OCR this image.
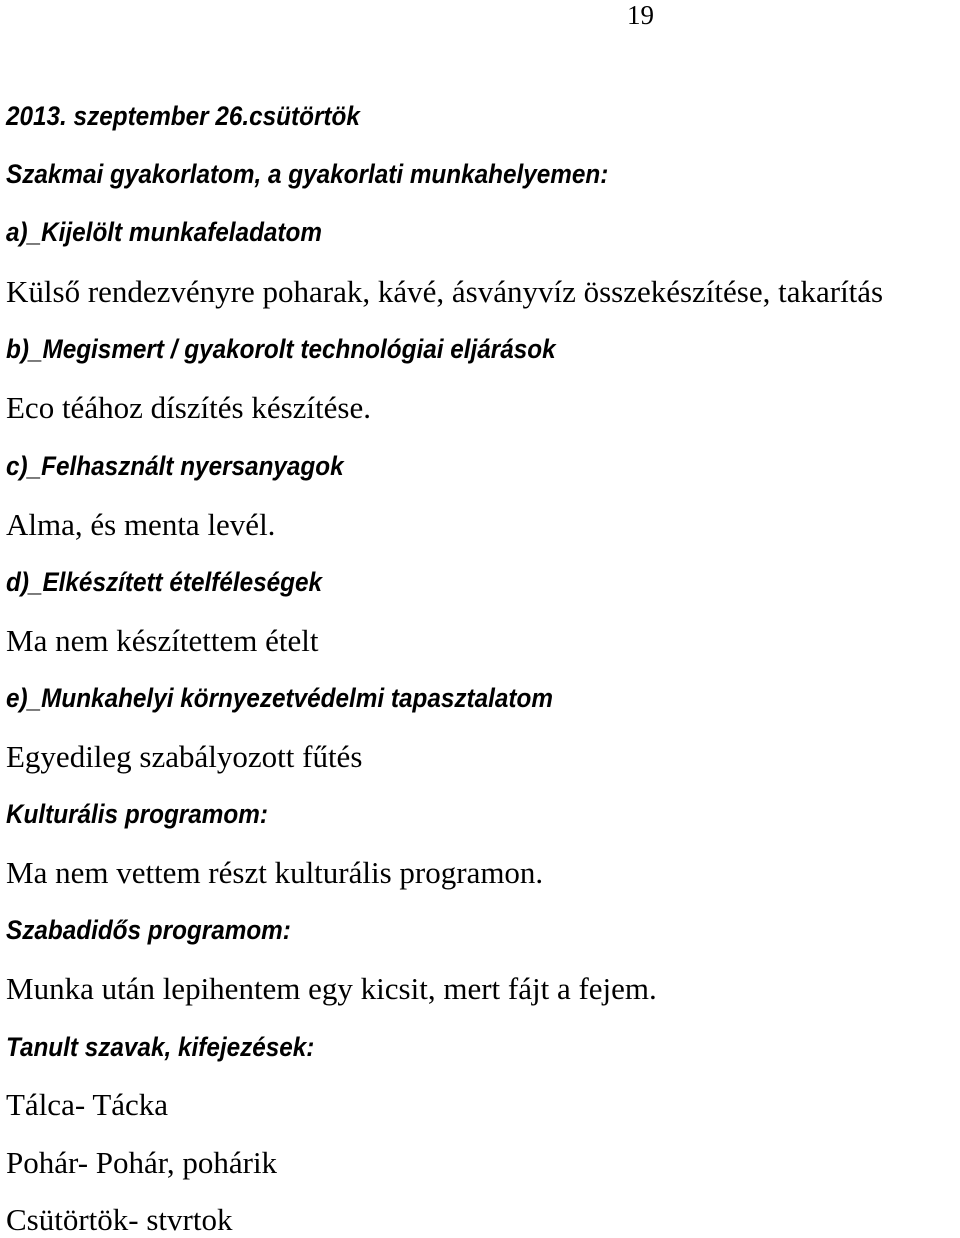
19
2013. szeptember 26.csütörtök
Szakmai gyakorlatom, a gyakorlati munkahelyemen:
a)_Kijelölt munkafeladatom
Külső rendezvényre poharak, kávé, ásványvíz összekészítése, takarítás
b)_Megismert / gyakorolt technológiai eljárások
Eco téához díszítés készítése.
c)_Felhasznált nyersanyagok
Alma, és menta levél.
d)_Elkészített ételféleségek
Ma nem készítettem ételt
e)_Munkahelyi környezetvédelmi tapasztalatom
Egyedileg szabályozott fűtés
Kulturális programom:
Ma nem vettem részt kulturális programon.
Szabadidős programom:
Munka után lepihentem egy kicsit, mert fájt a fejem.
Tanult szavak, kifejezések:
Tálca- Tácka
Pohár- Pohár, pohárik
Csütörtök- stvrtok
